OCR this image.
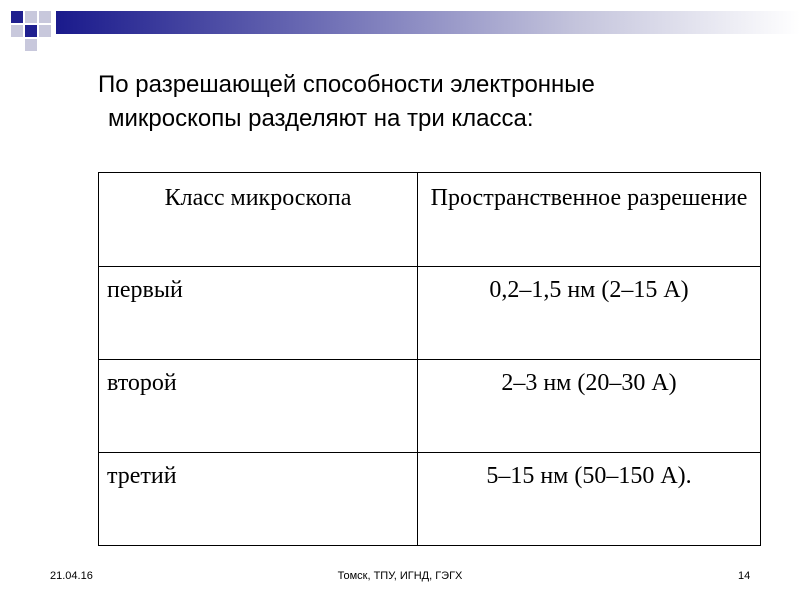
По разрешающей способности электронные
микроскопы разделяют на три класса:
Класс микроскопа	Пространственное разрешение
первый	0,2–1,5 нм (2–15 А)
второй	2–3 нм (20–30 А)
третий	5–15 нм (50–150 А).
21.04.16	Томск, ТПУ, ИГНД, ГЭГХ	14
